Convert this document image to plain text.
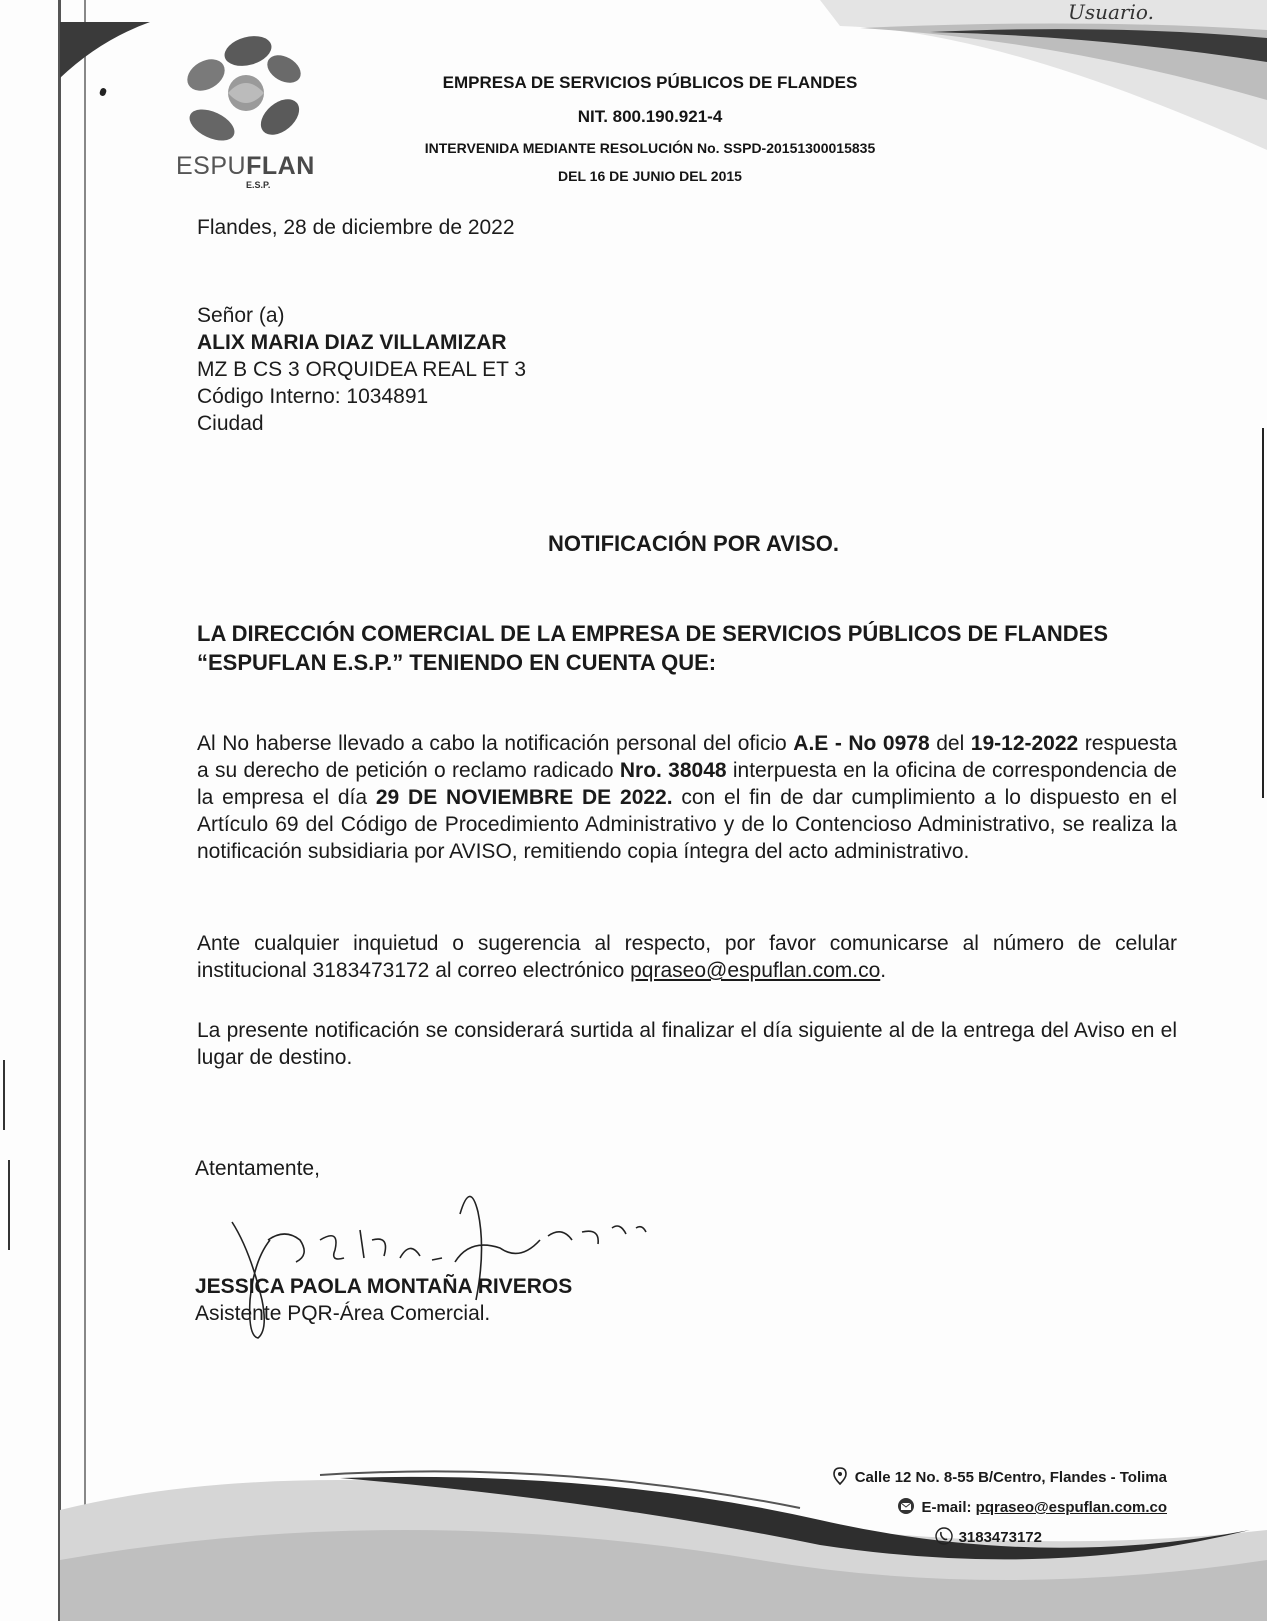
ESPUFLAN
E.S.P.
Usuario.
EMPRESA DE SERVICIOS PÚBLICOS DE FLANDES
NIT. 800.190.921-4
INTERVENIDA MEDIANTE RESOLUCIÓN No. SSPD-20151300015835
DEL 16 DE JUNIO DEL 2015
Flandes, 28 de diciembre de 2022
Señor (a)
ALIX MARIA DIAZ VILLAMIZAR
MZ B CS 3 ORQUIDEA REAL ET 3
Código Interno: 1034891
Ciudad
NOTIFICACIÓN POR AVISO.
LA DIRECCIÓN COMERCIAL DE LA EMPRESA DE SERVICIOS PÚBLICOS DE FLANDES “ESPUFLAN E.S.P.” TENIENDO EN CUENTA QUE:
Al No haberse llevado a cabo la notificación personal del oficio A.E - No 0978 del 19-12-2022 respuesta a su derecho de petición o reclamo radicado Nro. 38048 interpuesta en la oficina de correspondencia de la empresa el día 29 DE NOVIEMBRE DE 2022. con el fin de dar cumplimiento a lo dispuesto en el Artículo 69 del Código de Procedimiento Administrativo y de lo Contencioso Administrativo, se realiza la notificación subsidiaria por AVISO, remitiendo copia íntegra del acto administrativo.
Ante cualquier inquietud o sugerencia al respecto, por favor comunicarse al número de celular institucional 3183473172 al correo electrónico pqraseo@espuflan.com.co.
La presente notificación se considerará surtida al finalizar el día siguiente al de la entrega del Aviso en el lugar de destino.
Atentamente,
JESSICA PAOLA MONTAÑA RIVEROS
Asistente PQR-Área Comercial.
Calle 12 No. 8-55 B/Centro, Flandes - Tolima
E-mail: pqraseo@espuflan.com.co
3183473172
